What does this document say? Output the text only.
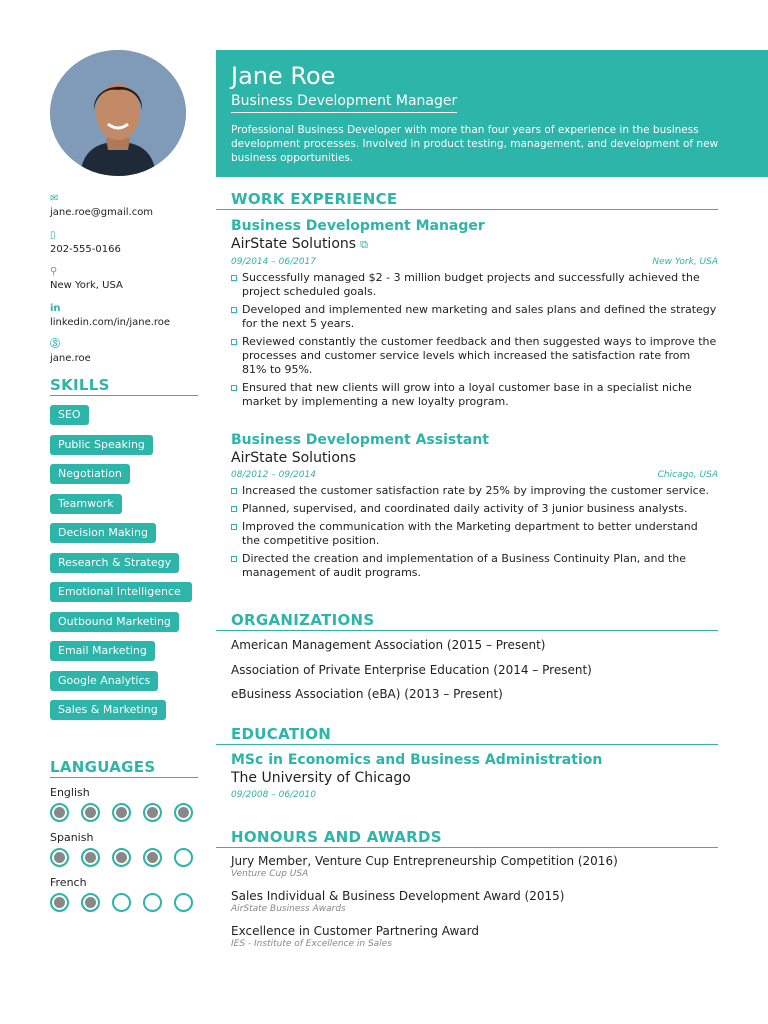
✉
jane.roe@gmail.com
▯
202-555-0166
⚲
New York, USA
in
linkedin.com/in/jane.roe
Ⓢ
jane.roe
SKILLS
SEO
Public Speaking
Negotiation
Teamwork
Decision Making
Research & Strategy
Emotional Intelligence
Outbound Marketing
Email Marketing
Google Analytics
Sales & Marketing
LANGUAGES
English
Spanish
French
Jane Roe
Business Development Manager
Professional Business Developer with more than four years of experience in the business development processes. Involved in product testing, management, and development of new business opportunities.
WORK EXPERIENCE
Business Development Manager
AirState Solutions ⧉
09/2014 – 06/2017	New York, USA
Successfully managed $2 - 3 million budget projects and successfully achieved the project scheduled goals.
Developed and implemented new marketing and sales plans and defined the strategy for the next 5 years.
Reviewed constantly the customer feedback and then suggested ways to improve the processes and customer service levels which increased the satisfaction rate from 81% to 95%.
Ensured that new clients will grow into a loyal customer base in a specialist niche market by implementing a new loyalty program.
Business Development Assistant
AirState Solutions
08/2012 – 09/2014	Chicago, USA
Increased the customer satisfaction rate by 25% by improving the customer service.
Planned, supervised, and coordinated daily activity of 3 junior business analysts.
Improved the communication with the Marketing department to better understand the competitive position.
Directed the creation and implementation of a Business Continuity Plan, and the management of audit programs.
ORGANIZATIONS
American Management Association (2015 – Present)
Association of Private Enterprise Education (2014 – Present)
eBusiness Association (eBA) (2013 – Present)
EDUCATION
MSc in Economics and Business Administration
The University of Chicago
09/2008 – 06/2010
HONOURS AND AWARDS
Jury Member, Venture Cup Entrepreneurship Competition (2016)
Venture Cup USA
Sales Individual & Business Development Award (2015)
AirState Business Awards
Excellence in Customer Partnering Award
IES - Institute of Excellence in Sales
